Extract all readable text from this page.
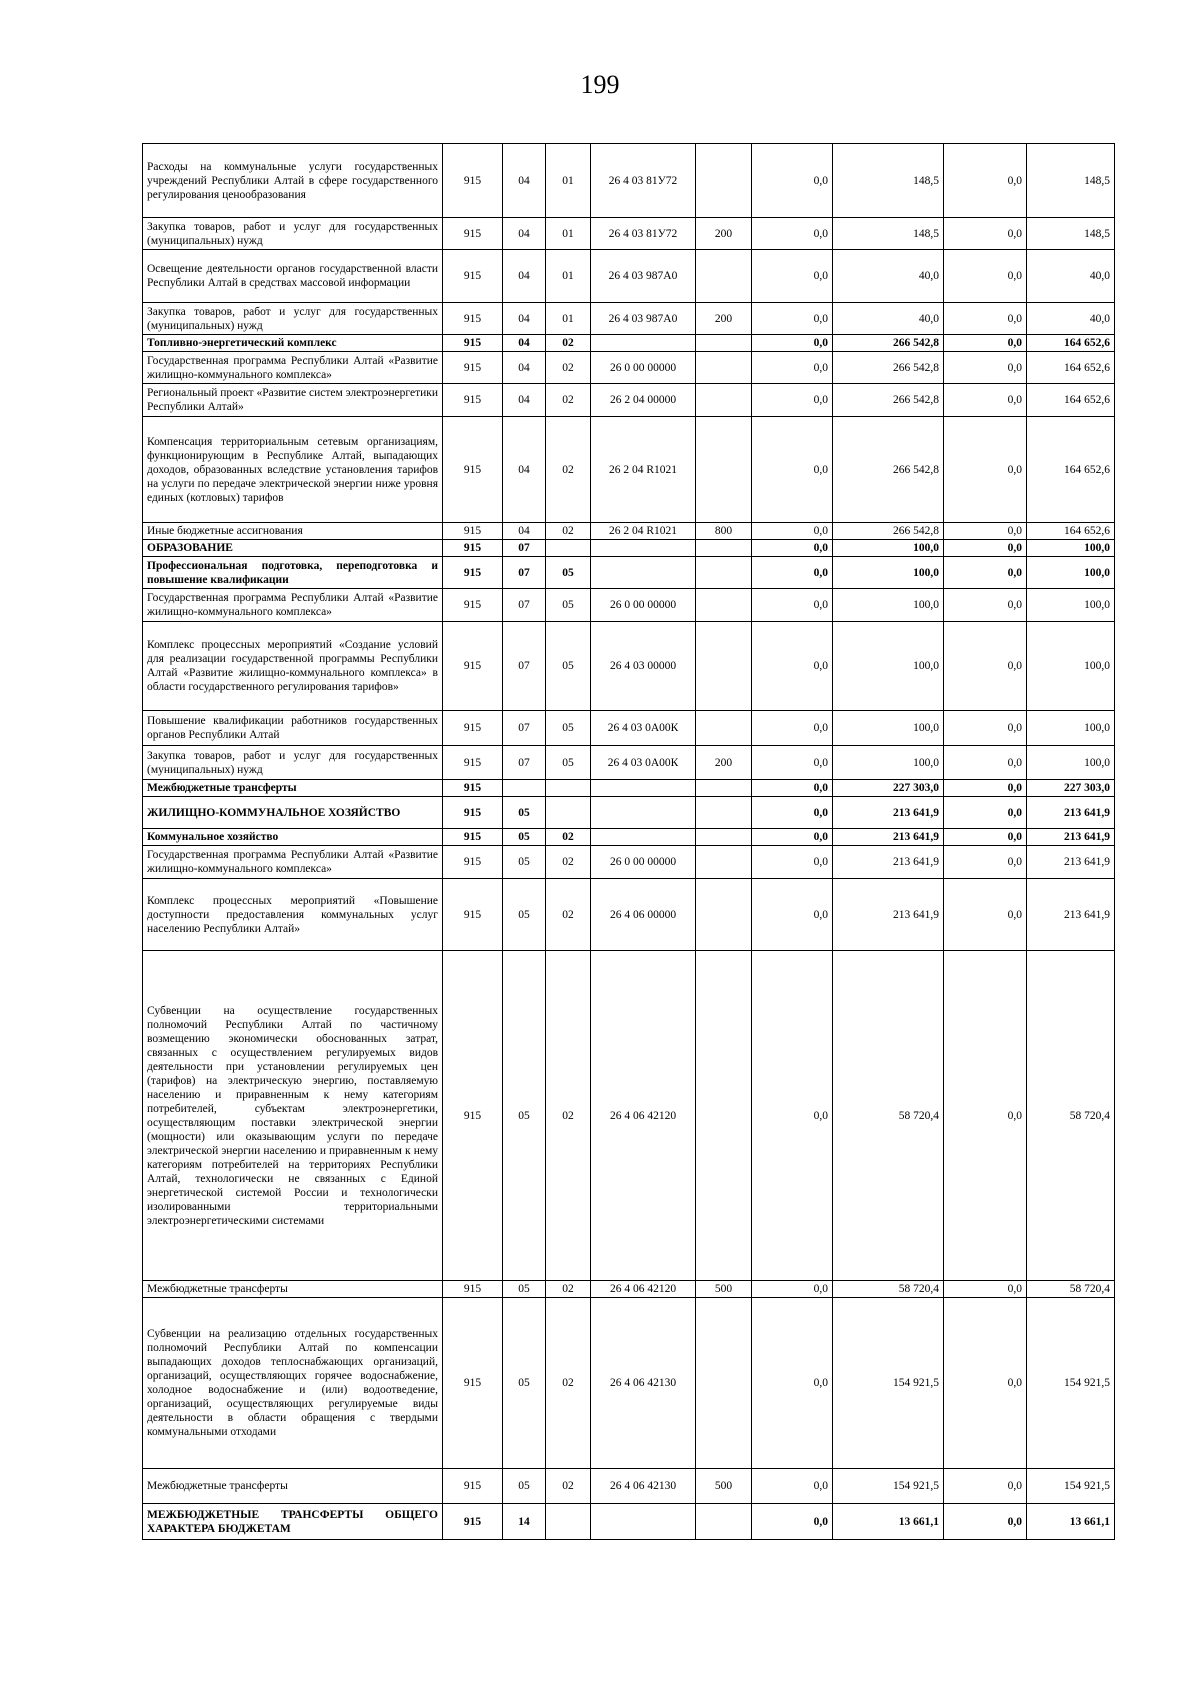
199
Расходы на коммунальные услуги государственных учреждений Республики Алтай в сфере государственного регулирования ценообразования	915	04	01	26 4 03 81У72		0,0	148,5	0,0	148,5
Закупка товаров, работ и услуг для государственных (муниципальных) нужд	915	04	01	26 4 03 81У72	200	0,0	148,5	0,0	148,5
Освещение деятельности органов государственной власти Республики Алтай в средствах массовой информации	915	04	01	26 4 03 987А0		0,0	40,0	0,0	40,0
Закупка товаров, работ и услуг для государственных (муниципальных) нужд	915	04	01	26 4 03 987А0	200	0,0	40,0	0,0	40,0
Топливно-энергетический комплекс	915	04	02			0,0	266 542,8	0,0	164 652,6
Государственная программа Республики Алтай «Развитие жилищно-коммунального комплекса»	915	04	02	26 0 00 00000		0,0	266 542,8	0,0	164 652,6
Региональный проект «Развитие систем электроэнергетики Республики Алтай»	915	04	02	26 2 04 00000		0,0	266 542,8	0,0	164 652,6
Компенсация территориальным сетевым организациям, функционирующим в Республике Алтай, выпадающих доходов, образованных вследствие установления тарифов на услуги по передаче электрической энергии ниже уровня единых (котловых) тарифов	915	04	02	26 2 04 R1021		0,0	266 542,8	0,0	164 652,6
Иные бюджетные ассигнования	915	04	02	26 2 04 R1021	800	0,0	266 542,8	0,0	164 652,6
ОБРАЗОВАНИЕ	915	07				0,0	100,0	0,0	100,0
Профессиональная подготовка, переподготовка и повышение квалификации	915	07	05			0,0	100,0	0,0	100,0
Государственная программа Республики Алтай «Развитие жилищно-коммунального комплекса»	915	07	05	26 0 00 00000		0,0	100,0	0,0	100,0
Комплекс процессных мероприятий «Создание условий для реализации государственной программы Республики Алтай «Развитие жилищно-коммунального комплекса» в области государственного регулирования тарифов»	915	07	05	26 4 03 00000		0,0	100,0	0,0	100,0
Повышение квалификации работников государственных органов Республики Алтай	915	07	05	26 4 03 0А00К		0,0	100,0	0,0	100,0
Закупка товаров, работ и услуг для государственных (муниципальных) нужд	915	07	05	26 4 03 0А00К	200	0,0	100,0	0,0	100,0
Межбюджетные трансферты	915					0,0	227 303,0	0,0	227 303,0
ЖИЛИЩНО-КОММУНАЛЬНОЕ ХОЗЯЙСТВО	915	05				0,0	213 641,9	0,0	213 641,9
Коммунальное хозяйство	915	05	02			0,0	213 641,9	0,0	213 641,9
Государственная программа Республики Алтай «Развитие жилищно-коммунального комплекса»	915	05	02	26 0 00 00000		0,0	213 641,9	0,0	213 641,9
Комплекс процессных мероприятий «Повышение доступности предоставления коммунальных услуг населению Республики Алтай»	915	05	02	26 4 06 00000		0,0	213 641,9	0,0	213 641,9
Субвенции на осуществление государственных полномочий Республики Алтай по частичному возмещению экономически обоснованных затрат, связанных с осуществлением регулируемых видов деятельности при установлении регулируемых цен (тарифов) на электрическую энергию, поставляемую населению и приравненным к нему категориям потребителей, субъектам электроэнергетики, осуществляющим поставки электрической энергии (мощности) или оказывающим услуги по передаче электрической энергии населению и приравненным к нему категориям потребителей на территориях Республики Алтай, технологически не связанных с Единой энергетической системой России и технологически изолированными территориальными электроэнергетическими системами	915	05	02	26 4 06 42120		0,0	58 720,4	0,0	58 720,4
Межбюджетные трансферты	915	05	02	26 4 06 42120	500	0,0	58 720,4	0,0	58 720,4
Субвенции на реализацию отдельных государственных полномочий Республики Алтай по компенсации выпадающих доходов теплоснабжающих организаций, организаций, осуществляющих горячее водоснабжение, холодное водоснабжение и (или) водоотведение, организаций, осуществляющих регулируемые виды деятельности в области обращения с твердыми коммунальными отходами	915	05	02	26 4 06 42130		0,0	154 921,5	0,0	154 921,5
Межбюджетные трансферты	915	05	02	26 4 06 42130	500	0,0	154 921,5	0,0	154 921,5
МЕЖБЮДЖЕТНЫЕ ТРАНСФЕРТЫ ОБЩЕГО ХАРАКТЕРА БЮДЖЕТАМ	915	14				0,0	13 661,1	0,0	13 661,1
